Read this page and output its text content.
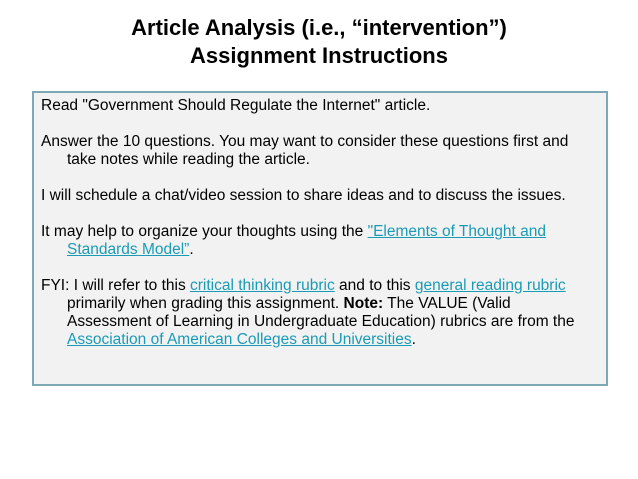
Article Analysis (i.e., “intervention”)
Assignment Instructions

Read "Government Should Regulate the Internet" article.

Answer the 10 questions. You may want to consider these questions first and take notes while reading the article.

I will schedule a chat/video session to share ideas and to discuss the issues.

It may help to organize your thoughts using the "Elements of Thought and Standards Model”.

FYI: I will refer to this critical thinking rubric and to this general reading rubric primarily when grading this assignment. Note: The VALUE (Valid Assessment of Learning in Undergraduate Education) rubrics are from the Association of American Colleges and Universities.
